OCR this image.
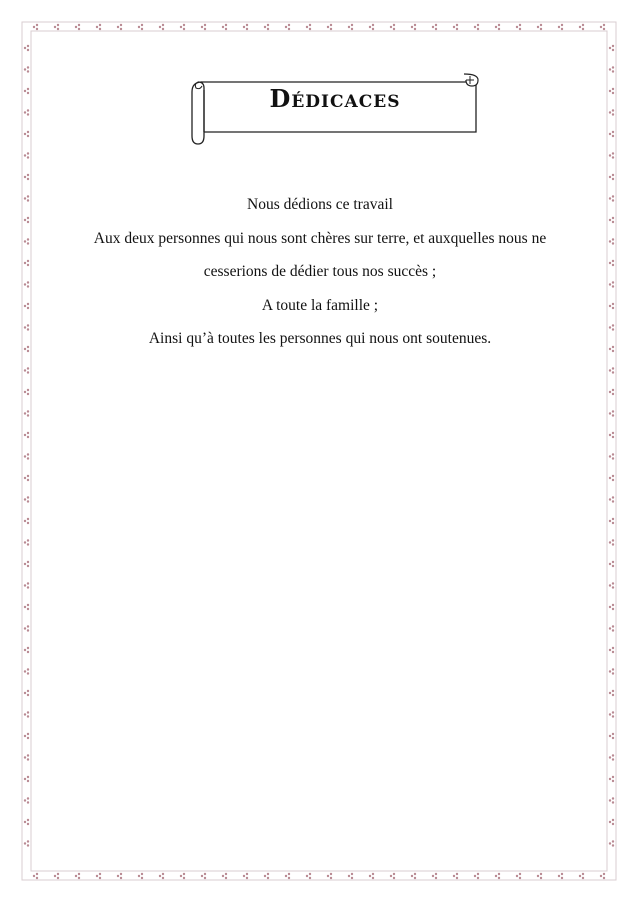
Dédicaces

Nous dédions ce travail

Aux deux personnes qui nous sont chères sur terre, et auxquelles nous ne

cesserions de dédier tous nos succès ;

A toute la famille ;

Ainsi qu’à toutes les personnes qui nous ont soutenues.
